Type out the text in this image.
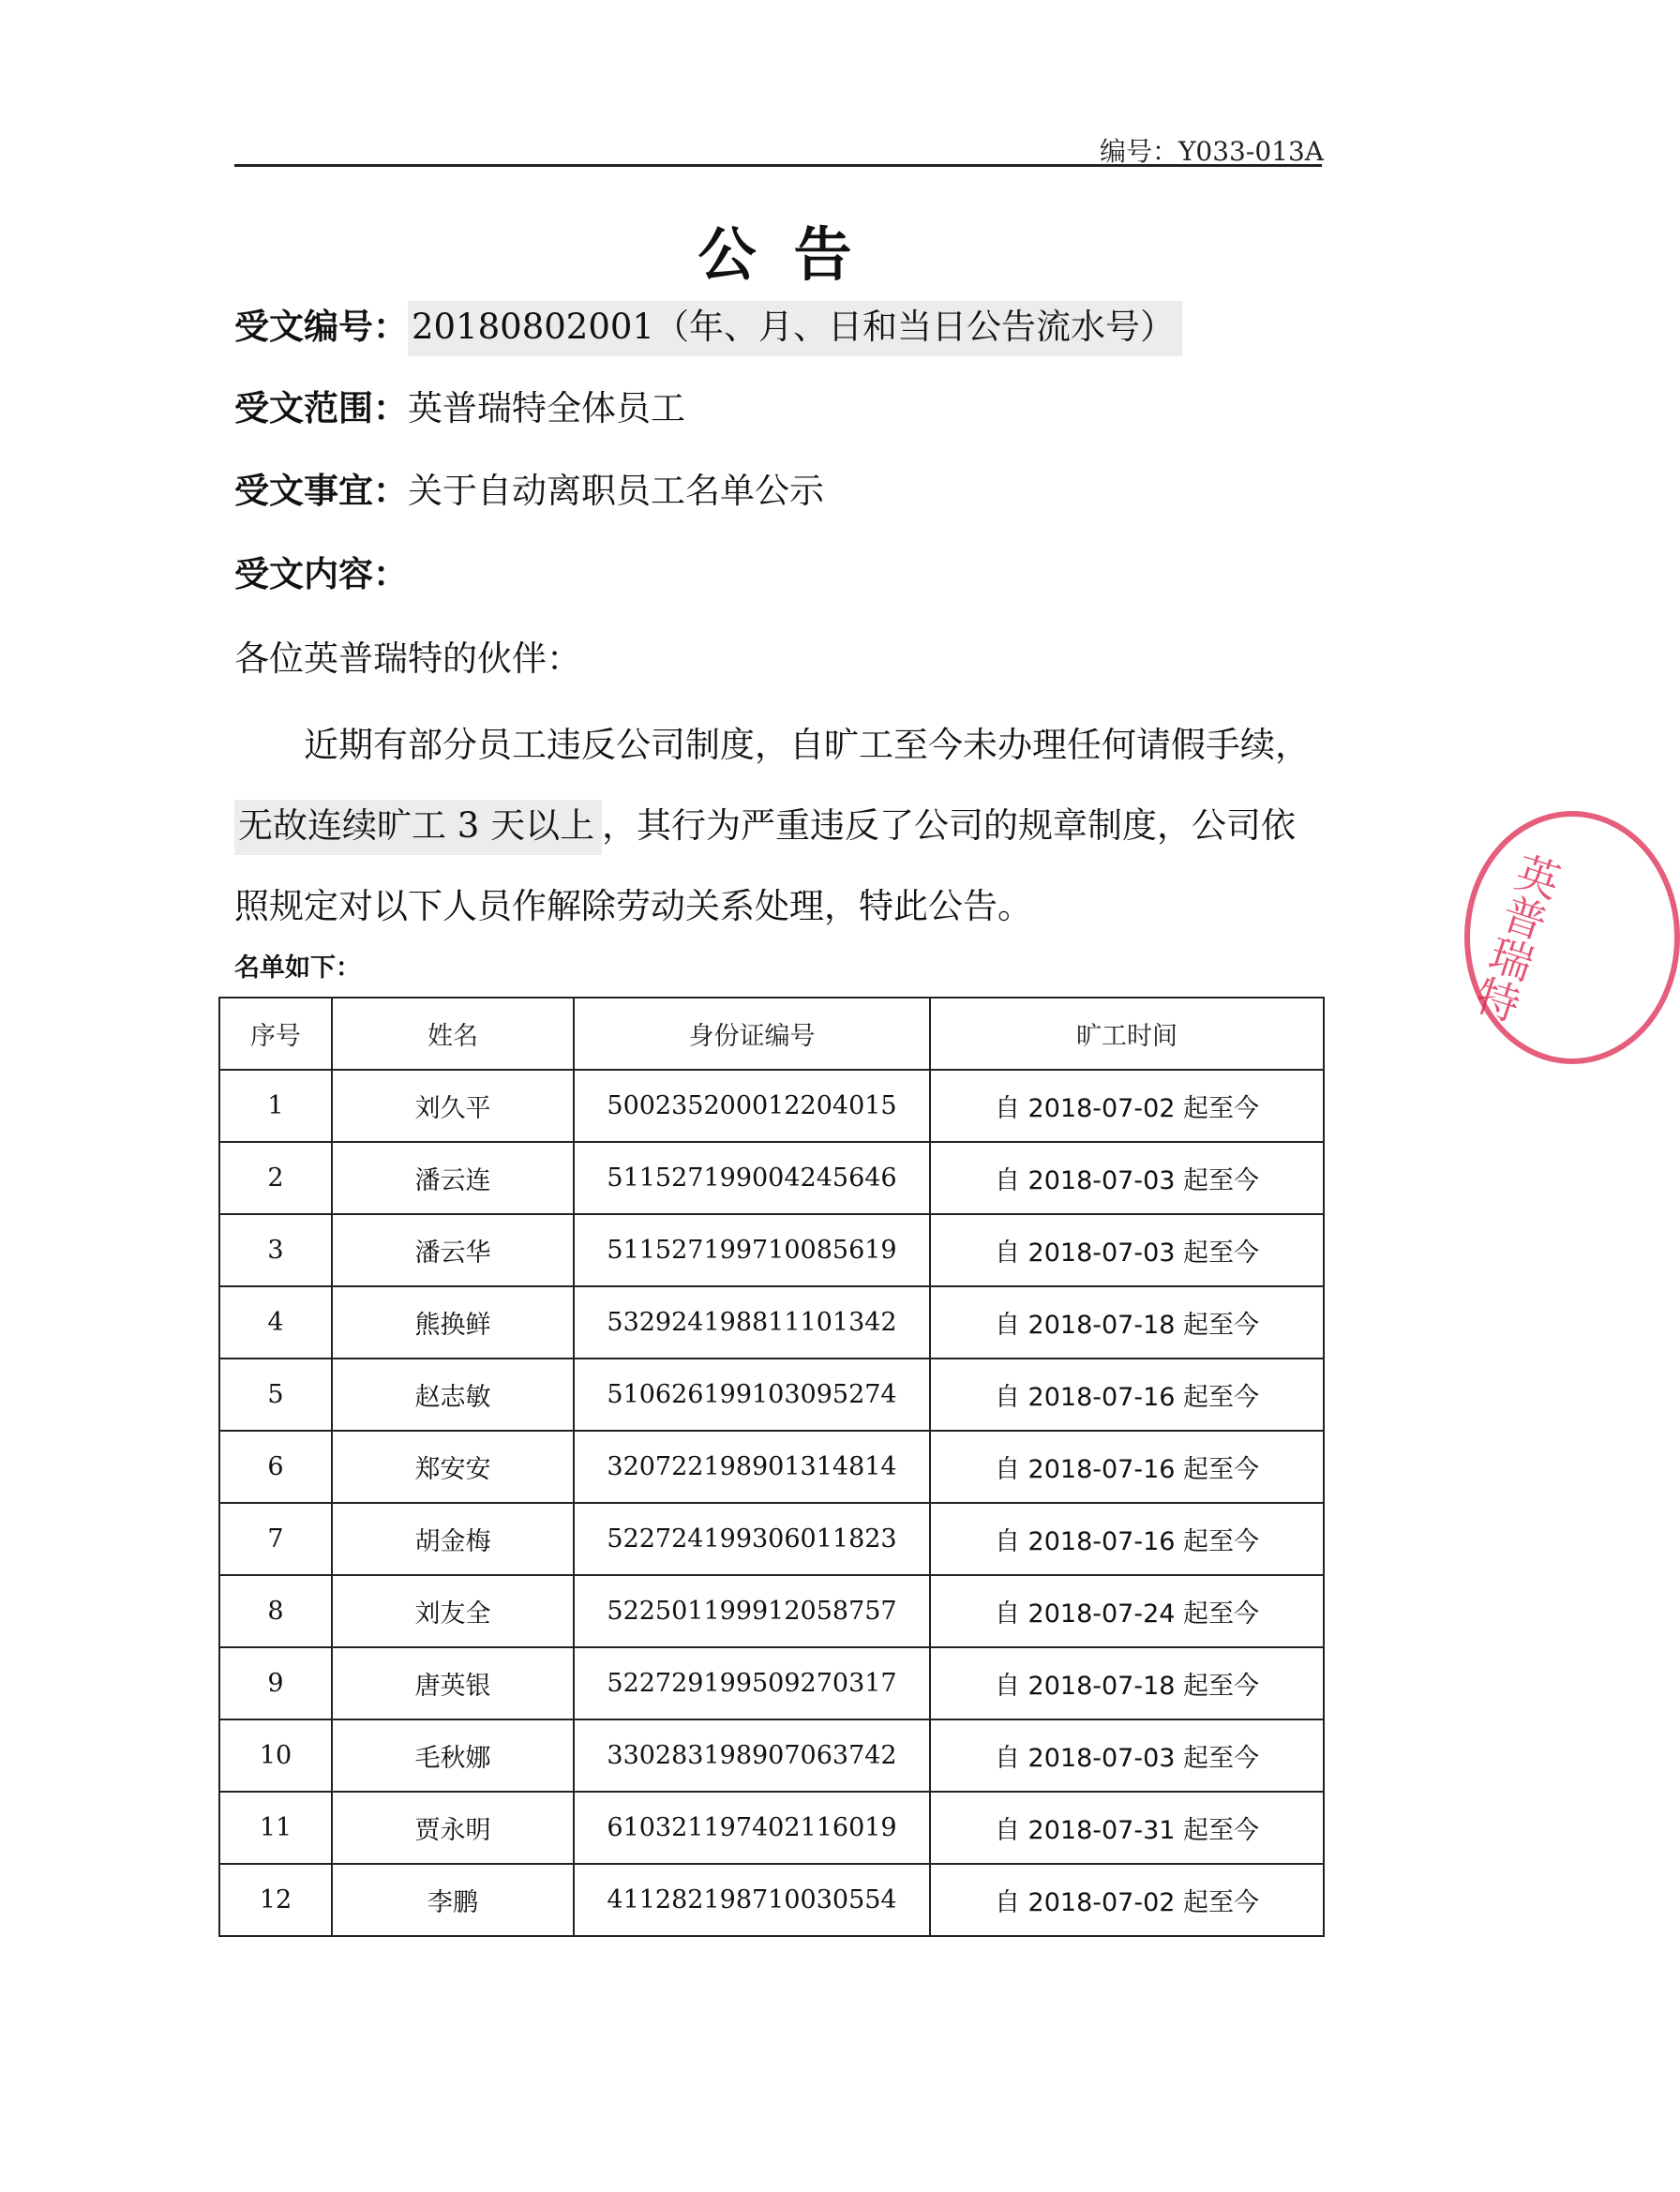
编号：Y033-013A
公告
受文编号： 20180802001（年、月、日和当日公告流水号）
受文范围：英普瑞特全体员工
受文事宜：关于自动离职员工名单公示
受文内容：
各位英普瑞特的伙伴：
近期有部分员工违反公司制度，自旷工至今未办理任何请假手续，无故连续旷工 3 天以上 ，其行为严重违反了公司的规章制度，公司依照规定对以下人员作解除劳动关系处理，特此公告。
名单如下：
序号	姓名	身份证编号	旷工时间
1	刘久平	500235200012204015	自 2018-07-02 起至今
2	潘云连	511527199004245646	自 2018-07-03 起至今
3	潘云华	511527199710085619	自 2018-07-03 起至今
4	熊换鲜	532924198811101342	自 2018-07-18 起至今
5	赵志敏	510626199103095274	自 2018-07-16 起至今
6	郑安安	320722198901314814	自 2018-07-16 起至今
7	胡金梅	522724199306011823	自 2018-07-16 起至今
8	刘友全	522501199912058757	自 2018-07-24 起至今
9	唐英银	522729199509270317	自 2018-07-18 起至今
10	毛秋娜	330283198907063742	自 2018-07-03 起至今
11	贾永明	610321197402116019	自 2018-07-31 起至今
12	李鹏	411282198710030554	自 2018-07-02 起至今
英普瑞特
